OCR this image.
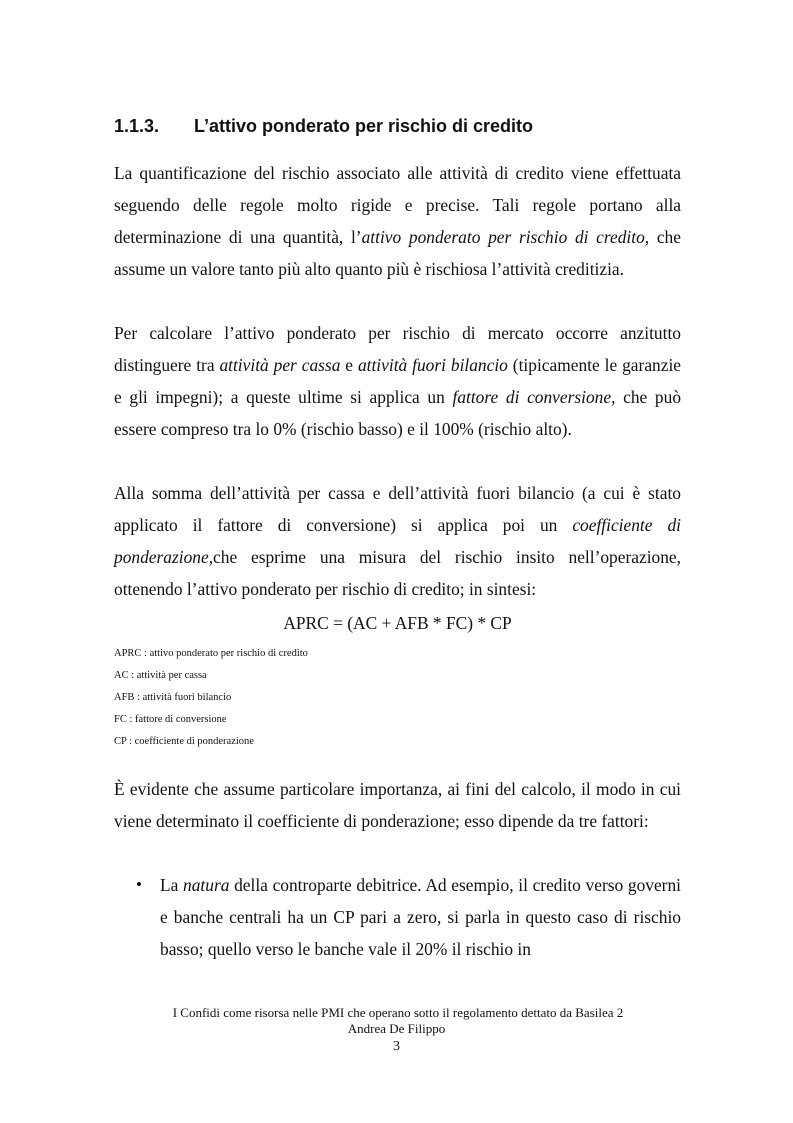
1.1.3. L’attivo ponderato per rischio di credito

La quantificazione del rischio associato alle attività di credito viene effettuata seguendo delle regole molto rigide e precise. Tali regole portano alla determinazione di una quantità, l’attivo ponderato per rischio di credito, che assume un valore tanto più alto quanto più è rischiosa l’attività creditizia.

Per calcolare l’attivo ponderato per rischio di mercato occorre anzitutto distinguere tra attività per cassa e attività fuori bilancio (tipicamente le garanzie e gli impegni); a queste ultime si applica un fattore di conversione, che può essere compreso tra lo 0% (rischio basso) e il 100% (rischio alto).

Alla somma dell’attività per cassa e dell’attività fuori bilancio (a cui è stato applicato il fattore di conversione) si applica poi un coefficiente di ponderazione,che esprime una misura del rischio insito nell’operazione, ottenendo l’attivo ponderato per rischio di credito; in sintesi:

APRC = (AC + AFB * FC) * CP
APRC : attivo ponderato per rischio di credito
AC : attività per cassa
AFB : attività fuori bilancio
FC : fattore di conversione
CP : coefficiente di ponderazione

È evidente che assume particolare importanza, ai fini del calcolo, il modo in cui viene determinato il coefficiente di ponderazione; esso dipende da tre fattori:

• La natura della controparte debitrice. Ad esempio, il credito verso governi e banche centrali ha un CP pari a zero, si parla in questo caso di rischio basso; quello verso le banche vale il 20% il rischio in
I Confidi come risorsa nelle PMI che operano sotto il regolamento dettato da Basilea 2
Andrea De Filippo
3
